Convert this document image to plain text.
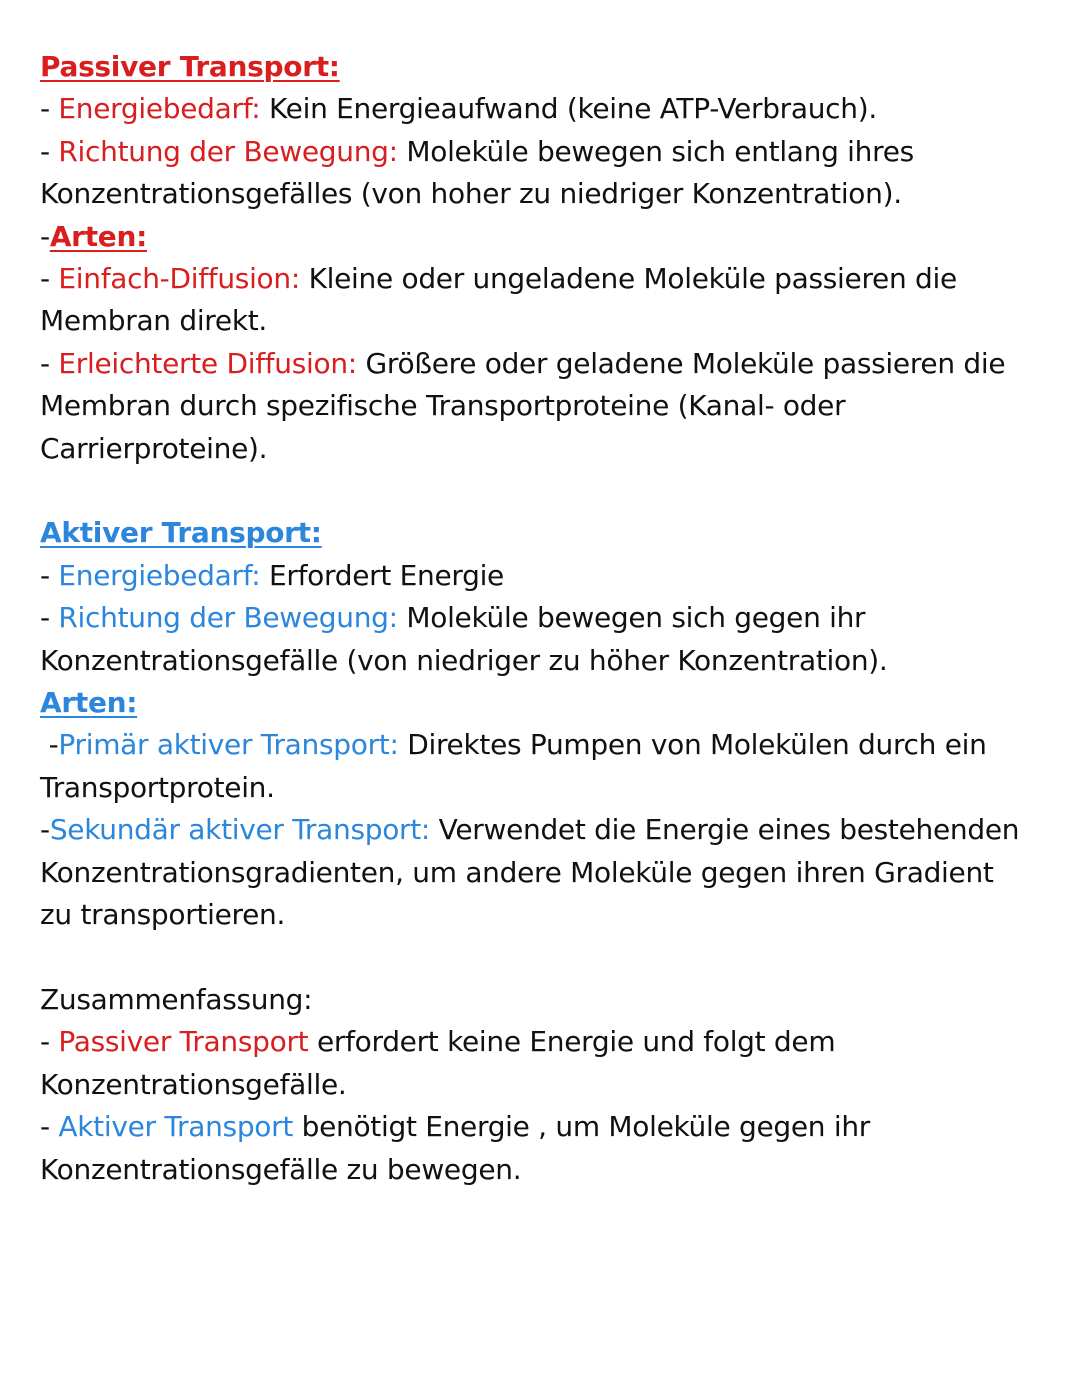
Passiver Transport:

- Energiebedarf: Kein Energieaufwand (keine ATP-Verbrauch).

- Richtung der Bewegung: Moleküle bewegen sich entlang ihres

Konzentrationsgefälles (von hoher zu niedriger Konzentration).

-Arten:

- Einfach-Diffusion: Kleine oder ungeladene Moleküle passieren die

Membran direkt.

- Erleichterte Diffusion: Größere oder geladene Moleküle passieren die

Membran durch spezifische Transportproteine (Kanal- oder

Carrierproteine).

Aktiver Transport:

- Energiebedarf: Erfordert Energie

- Richtung der Bewegung: Moleküle bewegen sich gegen ihr

Konzentrationsgefälle (von niedriger zu höher Konzentration).

Arten:

-Primär aktiver Transport: Direktes Pumpen von Molekülen durch ein

Transportprotein.

-Sekundär aktiver Transport: Verwendet die Energie eines bestehenden

Konzentrationsgradienten, um andere Moleküle gegen ihren Gradient

zu transportieren.

Zusammenfassung:

- Passiver Transport erfordert keine Energie und folgt dem

Konzentrationsgefälle.

- Aktiver Transport benötigt Energie , um Moleküle gegen ihr

Konzentrationsgefälle zu bewegen.
